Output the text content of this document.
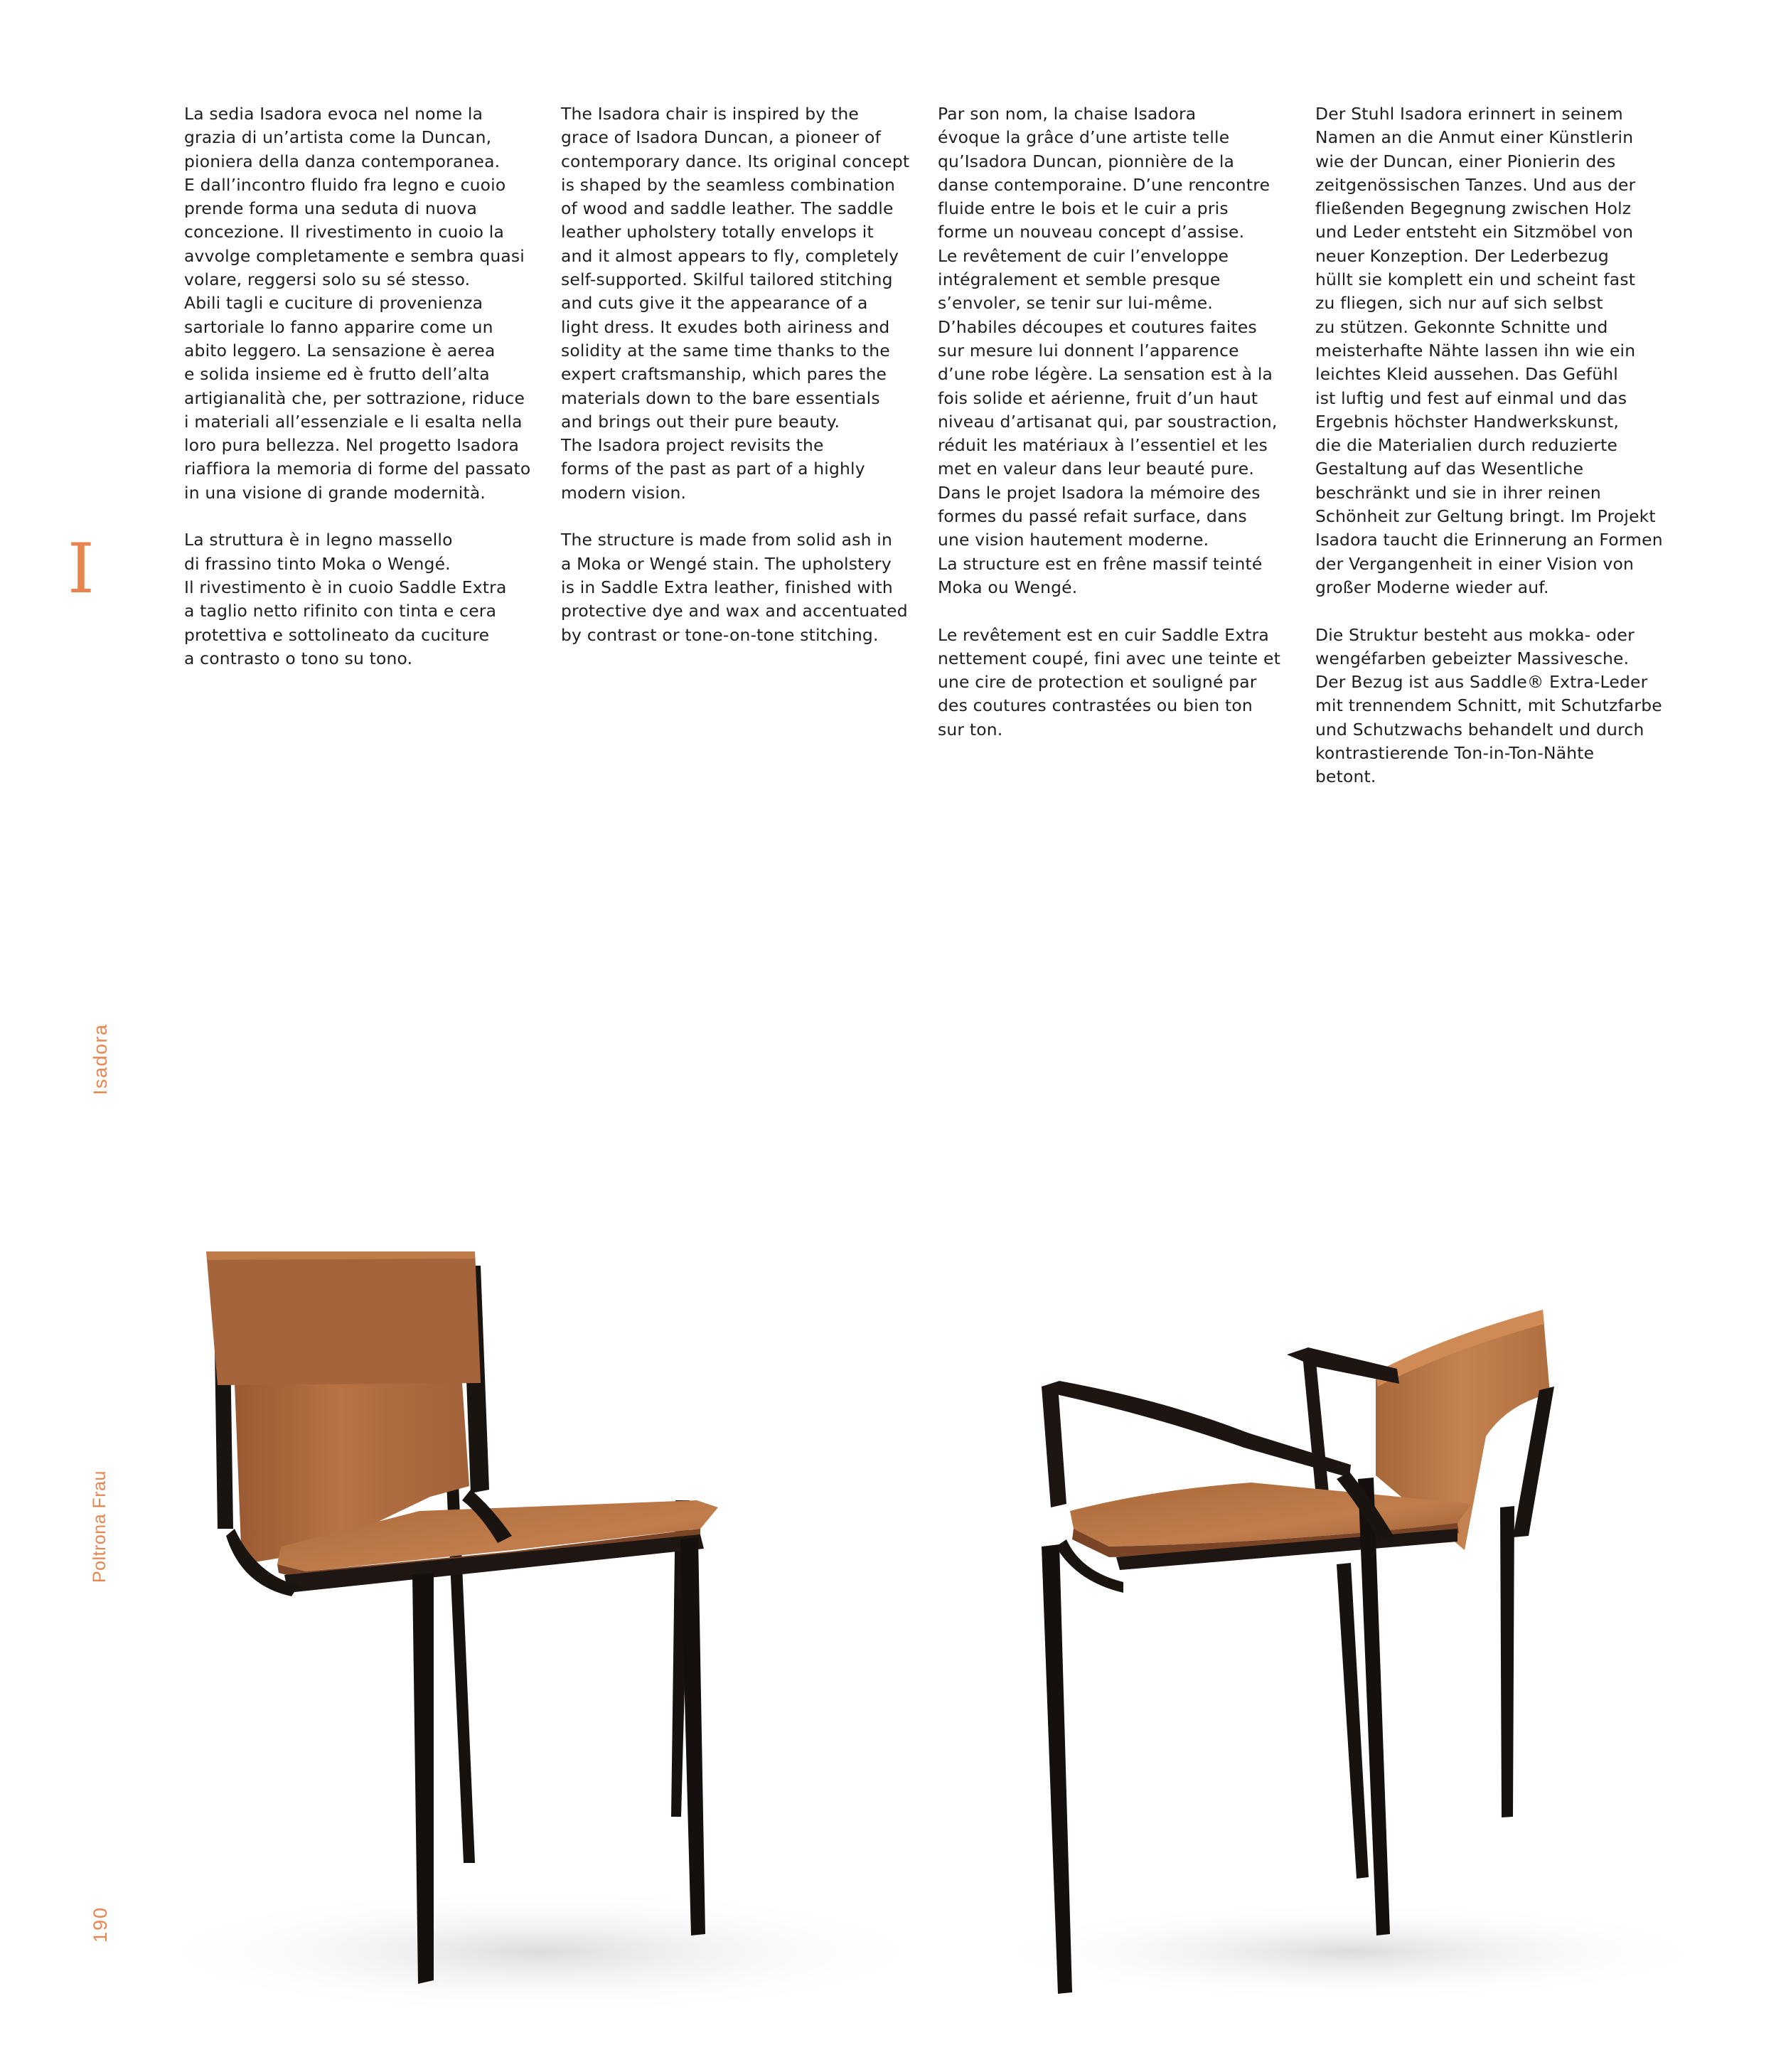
La sedia Isadora evoca nel nome la
grazia di un’artista come la Duncan,
pioniera della danza contemporanea.
E dall’incontro fluido fra legno e cuoio
prende forma una seduta di nuova
concezione. Il rivestimento in cuoio la
avvolge completamente e sembra quasi
volare, reggersi solo su sé stesso.
Abili tagli e cuciture di provenienza
sartoriale lo fanno apparire come un
abito leggero. La sensazione è aerea
e solida insieme ed è frutto dell’alta
artigianalità che, per sottrazione, riduce
i materiali all’essenziale e li esalta nella
loro pura bellezza. Nel progetto Isadora
riaffiora la memoria di forme del passato
in una visione di grande modernità.
La struttura è in legno massello
di frassino tinto Moka o Wengé.
Il rivestimento è in cuoio Saddle Extra
a taglio netto rifinito con tinta e cera
protettiva e sottolineato da cuciture
a contrasto o tono su tono.
The Isadora chair is inspired by the
grace of Isadora Duncan, a pioneer of
contemporary dance. Its original concept
is shaped by the seamless combination
of wood and saddle leather. The saddle
leather upholstery totally envelops it
and it almost appears to fly, completely
self-supported. Skilful tailored stitching
and cuts give it the appearance of a
light dress. It exudes both airiness and
solidity at the same time thanks to the
expert craftsmanship, which pares the
materials down to the bare essentials
and brings out their pure beauty.
The Isadora project revisits the
forms of the past as part of a highly
modern vision.
The structure is made from solid ash in
a Moka or Wengé stain. The upholstery
is in Saddle Extra leather, finished with
protective dye and wax and accentuated
by contrast or tone-on-tone stitching.
Par son nom, la chaise Isadora
évoque la grâce d’une artiste telle
qu’Isadora Duncan, pionnière de la
danse contemporaine. D’une rencontre
fluide entre le bois et le cuir a pris
forme un nouveau concept d’assise.
Le revêtement de cuir l’enveloppe
intégralement et semble presque
s’envoler, se tenir sur lui-même.
D’habiles découpes et coutures faites
sur mesure lui donnent l’apparence
d’une robe légère. La sensation est à la
fois solide et aérienne, fruit d’un haut
niveau d’artisanat qui, par soustraction,
réduit les matériaux à l’essentiel et les
met en valeur dans leur beauté pure.
Dans le projet Isadora la mémoire des
formes du passé refait surface, dans
une vision hautement moderne.
La structure est en frêne massif teinté
Moka ou Wengé.
Le revêtement est en cuir Saddle Extra
nettement coupé, fini avec une teinte et
une cire de protection et souligné par
des coutures contrastées ou bien ton
sur ton.
Der Stuhl Isadora erinnert in seinem
Namen an die Anmut einer Künstlerin
wie der Duncan, einer Pionierin des
zeitgenössischen Tanzes. Und aus der
fließenden Begegnung zwischen Holz
und Leder entsteht ein Sitzmöbel von
neuer Konzeption. Der Lederbezug
hüllt sie komplett ein und scheint fast
zu fliegen, sich nur auf sich selbst
zu stützen. Gekonnte Schnitte und
meisterhafte Nähte lassen ihn wie ein
leichtes Kleid aussehen. Das Gefühl
ist luftig und fest auf einmal und das
Ergebnis höchster Handwerkskunst,
die die Materialien durch reduzierte
Gestaltung auf das Wesentliche
beschränkt und sie in ihrer reinen
Schönheit zur Geltung bringt. Im Projekt
Isadora taucht die Erinnerung an Formen
der Vergangenheit in einer Vision von
großer Moderne wieder auf.
Die Struktur besteht aus mokka- oder
wengéfarben gebeizter Massivesche.
Der Bezug ist aus Saddle® Extra-Leder
mit trennendem Schnitt, mit Schutzfarbe
und Schutzwachs behandelt und durch
kontrastierende Ton-in-Ton-Nähte
betont.
I
Isadora
Poltrona Frau
190
